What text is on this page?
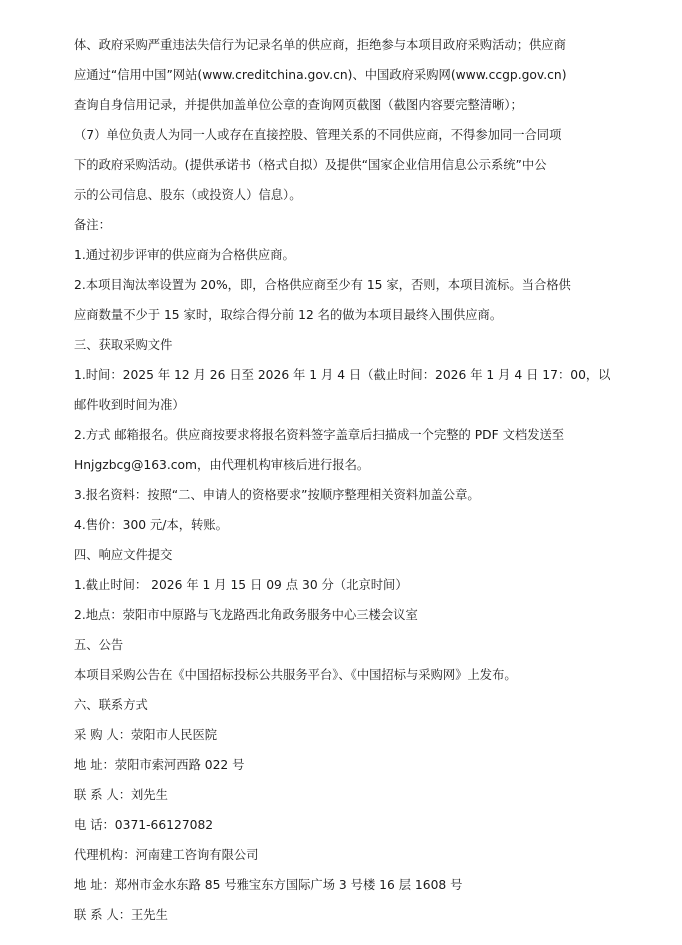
体、政府采购严重违法失信行为记录名单的供应商，拒绝参与本项目政府采购活动；供应商
应通过“信用中国”网站(www.creditchina.gov.cn)、中国政府采购网(www.ccgp.gov.cn)
查询自身信用记录，并提供加盖单位公章的查询网页截图（截图内容要完整清晰）；
（7）单位负责人为同一人或存在直接控股、管理关系的不同供应商，不得参加同一合同项
下的政府采购活动。(提供承诺书（格式自拟）及提供“国家企业信用信息公示系统”中公
示的公司信息、股东（或投资人）信息）。
备注：
1.通过初步评审的供应商为合格供应商。
2.本项目淘汰率设置为 20%，即，合格供应商至少有 15 家，否则，本项目流标。当合格供
应商数量不少于 15 家时，取综合得分前 12 名的做为本项目最终入围供应商。
三、获取采购文件
1.时间：2025 年 12 月 26 日至 2026 年 1 月 4 日（截止时间：2026 年 1 月 4 日 17：00，以
邮件收到时间为准）
2.方式 邮箱报名。供应商按要求将报名资料签字盖章后扫描成一个完整的 PDF 文档发送至
Hnjgzbcg@163.com，由代理机构审核后进行报名。
3.报名资料：按照“二、申请人的资格要求”按顺序整理相关资料加盖公章。
4.售价：300 元/本，转账。
四、响应文件提交
1.截止时间： 2026 年 1 月 15 日 09 点 30 分（北京时间）
2.地点：荥阳市中原路与飞龙路西北角政务服务中心三楼会议室
五、公告
本项目采购公告在《中国招标投标公共服务平台》、《中国招标与采购网》上发布。
六、联系方式
采 购 人：荥阳市人民医院
地 址：荥阳市索河西路 022 号
联 系 人：刘先生
电 话：0371-66127082
代理机构：河南建工咨询有限公司
地 址：郑州市金水东路 85 号雅宝东方国际广场 3 号楼 16 层 1608 号
联 系 人：王先生
